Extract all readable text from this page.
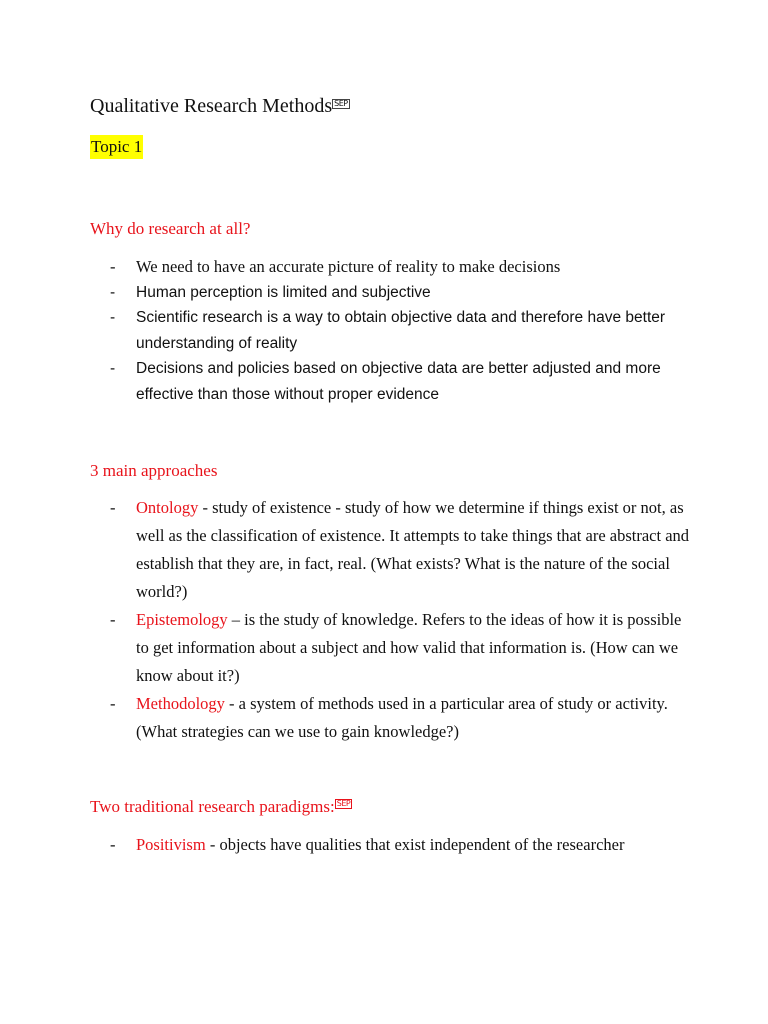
Qualitative Research Methods SEP
Topic 1
Why do research at all?
- We need to have an accurate picture of reality to make decisions
- Human perception is limited and subjective
- Scientific research is a way to obtain objective data and therefore have better understanding of reality
- Decisions and policies based on objective data are better adjusted and more effective than those without proper evidence
3 main approaches
- Ontology - study of existence - study of how we determine if things exist or not, as well as the classification of existence. It attempts to take things that are abstract and establish that they are, in fact, real. (What exists? What is the nature of the social world?)
- Epistemology – is the study of knowledge. Refers to the ideas of how it is possible to get information about a subject and how valid that information is. (How can we know about it?)
- Methodology - a system of methods used in a particular area of study or activity. (What strategies can we use to gain knowledge?)
Two traditional research paradigms: SEP
- Positivism - objects have qualities that exist independent of the researcher
